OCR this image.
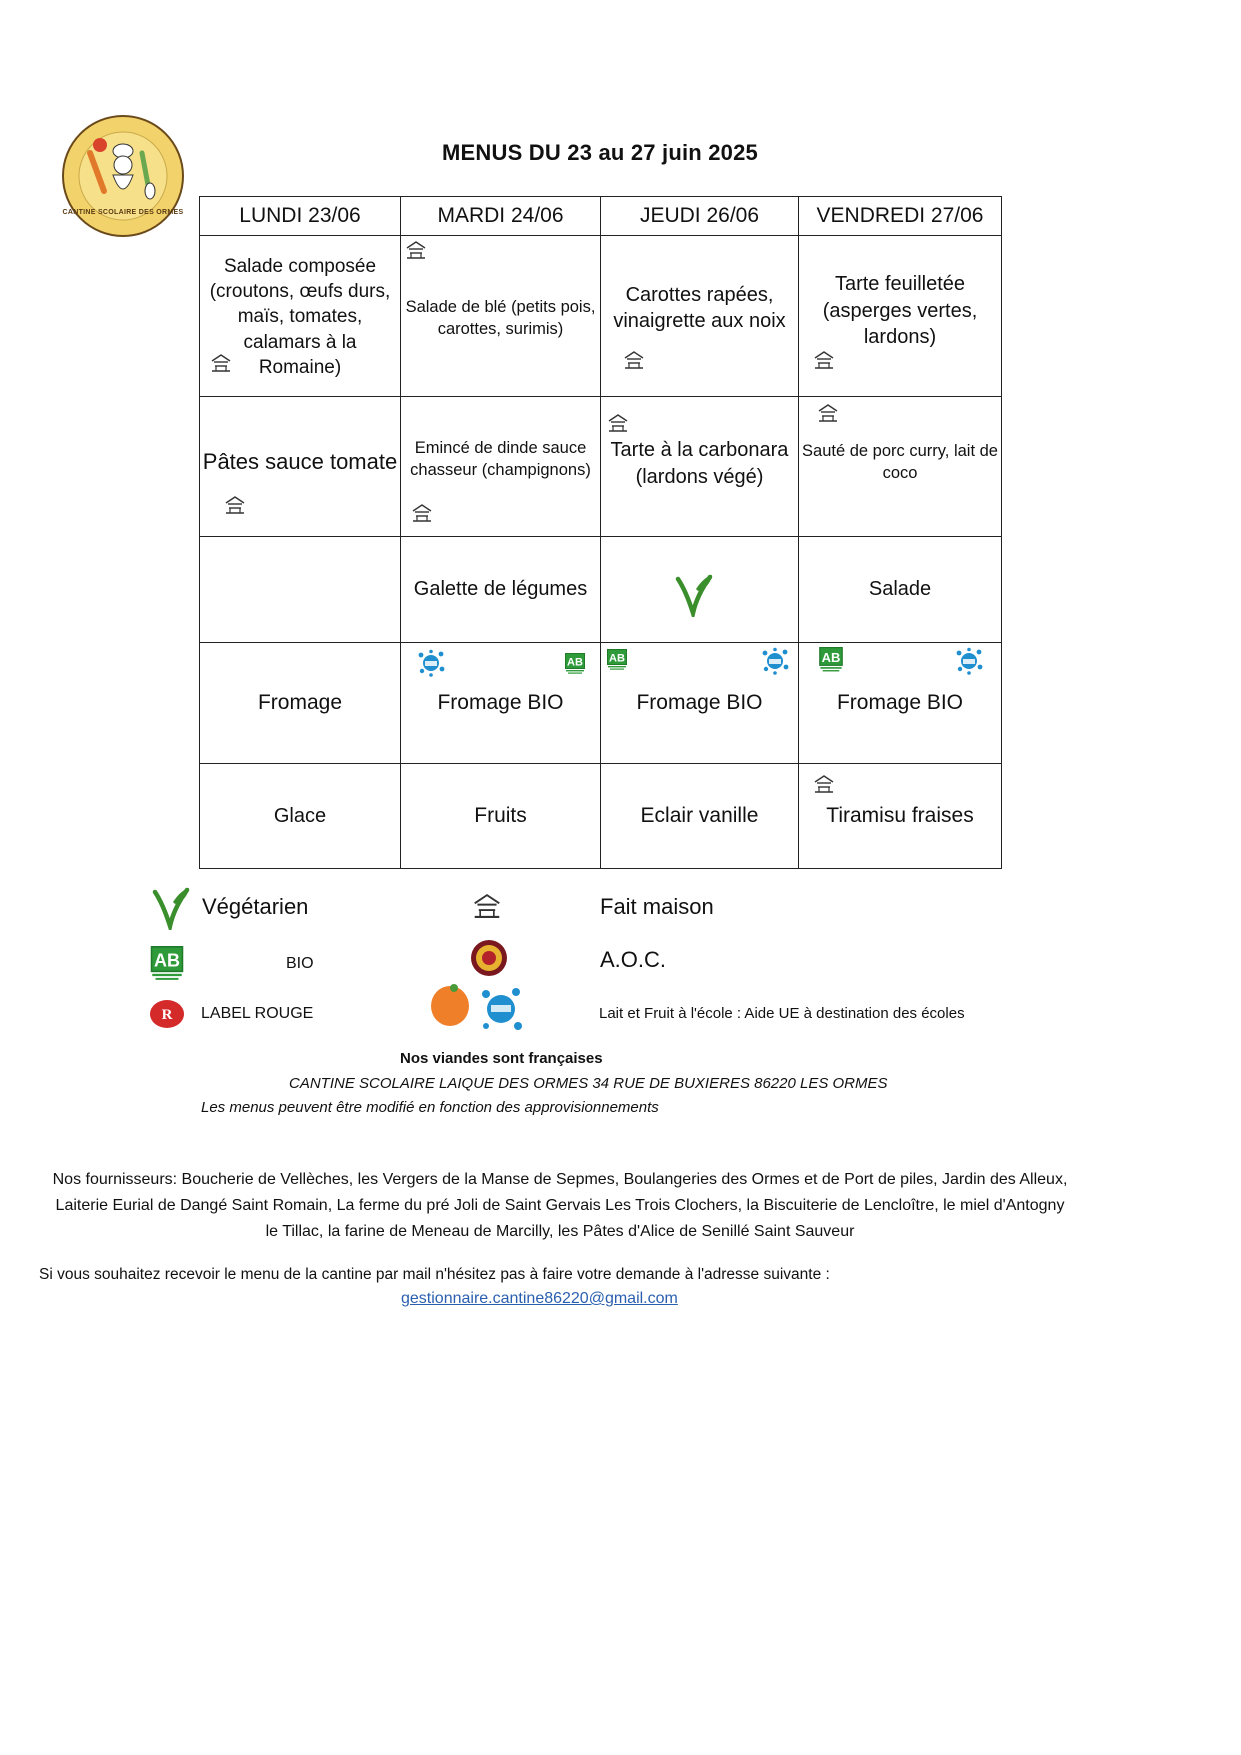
CANTINE SCOLAIRE DES ORMES
MENUS DU 23 au 27 juin 2025
LUNDI 23/06	MARDI 24/06	JEUDI 26/06	VENDREDI 27/06
Salade composée (croutons, œufs durs, maïs, tomates, calamars à la Romaine)	Salade de blé (petits pois, carottes, surimis)	Carottes rapées, vinaigrette aux noix	Tarte feuilletée (asperges vertes, lardons)

Pâtes sauce tomate	Emincé de dinde sauce chasseur (champignons)	Tarte à la carbonara (lardons végé)	Sauté de porc curry, lait de coco

	Galette de légumes		Salade
Fromage	Fromage BIO	Fromage BIO	Fromage BIO

Glace	Fruits	Eclair vanille	Tiramisu fraises
Végétarien	Fait maison
BIO	A.O.C.
R LABEL ROUGE	Lait et Fruit à l'école : Aide UE à destination des écoles
Nos viandes sont françaises
CANTINE SCOLAIRE LAIQUE DES ORMES 34 RUE DE BUXIERES 86220 LES ORMES
Les menus peuvent être modifié en fonction des approvisionnements
Nos fournisseurs: Boucherie de Vellèches, les Vergers de la Manse de Sepmes, Boulangeries des Ormes et de Port de piles, Jardin des Alleux,
Laiterie Eurial de Dangé Saint Romain, La ferme du pré Joli de Saint Gervais Les Trois Clochers, la Biscuiterie de Lencloître, le miel d'Antogny
le Tillac, la farine de Meneau de Marcilly, les Pâtes d'Alice de Senillé Saint Sauveur
Si vous souhaitez recevoir le menu de la cantine par mail n'hésitez pas à faire votre demande à l'adresse suivante :
gestionnaire.cantine86220@gmail.com
